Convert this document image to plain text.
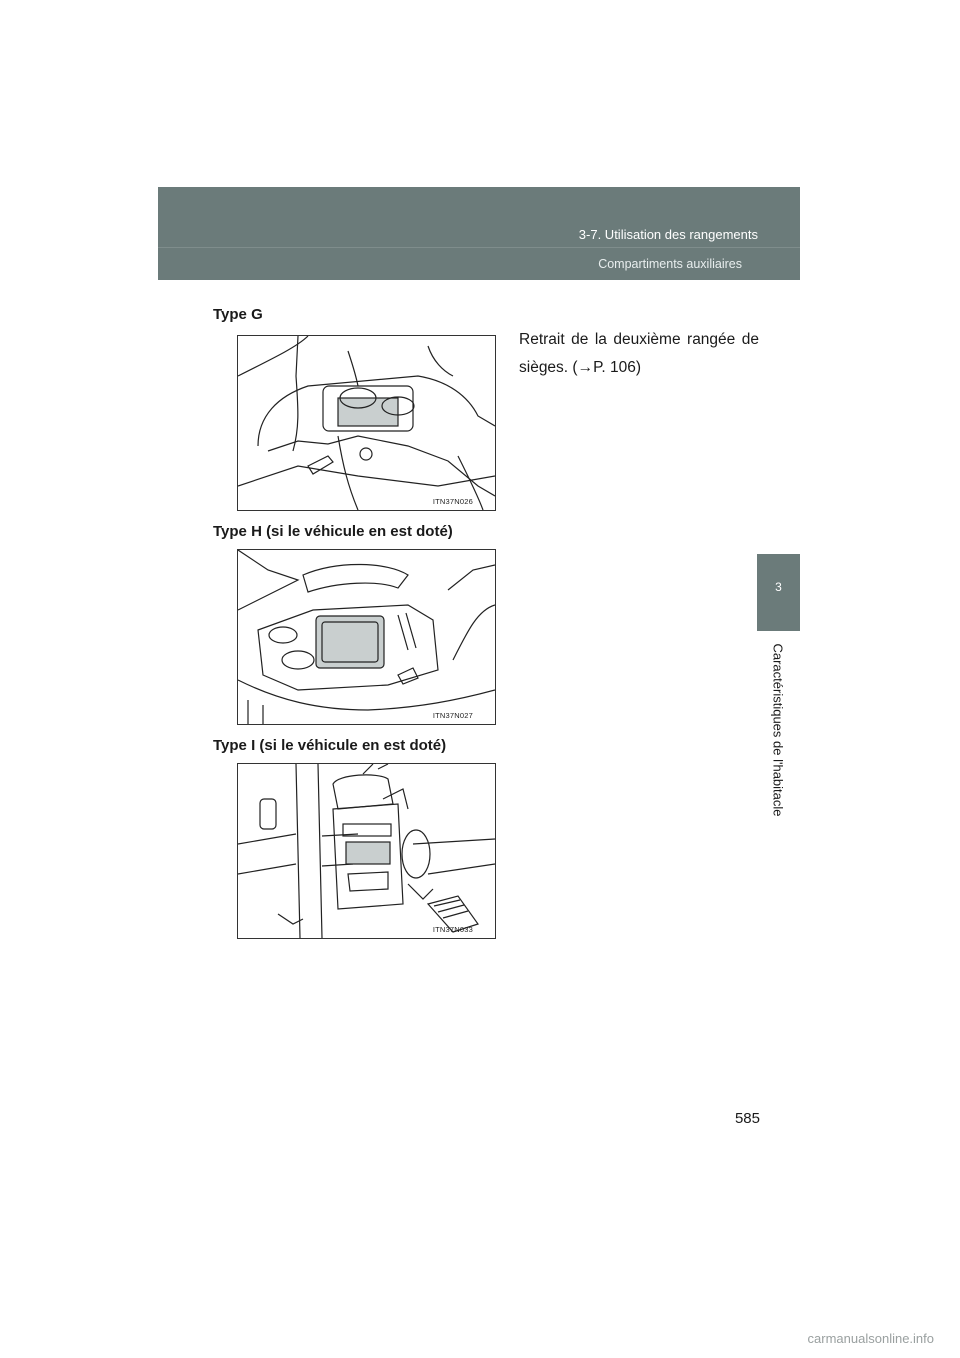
3-7. Utilisation des rangements
Compartiments auxiliaires
3
Caractéristiques de l'habitacle
Type G
Retrait de la deuxième rangée de sièges. (→P. 106)
ITN37N026
Type H (si le véhicule en est doté)
ITN37N027
Type I (si le véhicule en est doté)
ITN37N033
585
carmanualsonline.info
